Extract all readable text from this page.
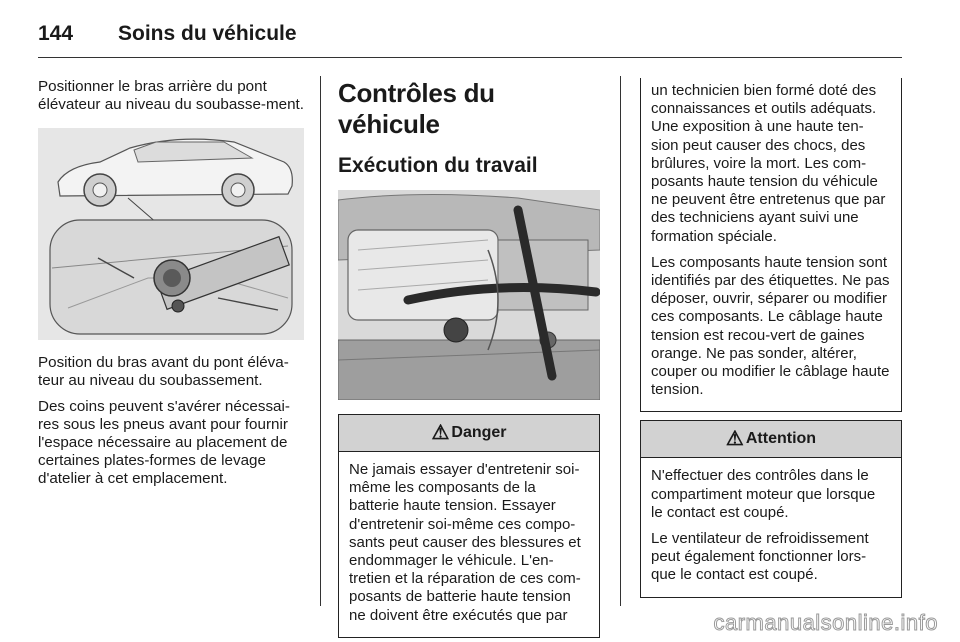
144 Soins du véhicule

Positionner le bras arrière du pont élévateur au niveau du soubasse-ment.

Position du bras avant du pont éléva-teur au niveau du soubassement.

Des coins peuvent s'avérer nécessai-res sous les pneus avant pour fournir l'espace nécessaire au placement de certaines plates-formes de levage d'atelier à cet emplacement.

Contrôles du véhicule
Exécution du travail
⚠ Danger

Ne jamais essayer d'entretenir soi-même les composants de la batterie haute tension. Essayer d'entretenir soi-même ces compo-sants peut causer des blessures et endommager le véhicule. L'en-tretien et la réparation de ces com-posants de batterie haute tension ne doivent être exécutés que par

un technicien bien formé doté des connaissances et outils adéquats. Une exposition à une haute ten-sion peut causer des chocs, des brûlures, voire la mort. Les com-posants haute tension du véhicule ne peuvent être entretenus que par des techniciens ayant suivi une formation spéciale.

Les composants haute tension sont identifiés par des étiquettes. Ne pas déposer, ouvrir, séparer ou modifier ces composants. Le câblage haute tension est recou-vert de gaines orange. Ne pas sonder, altérer, couper ou modifier le câblage haute tension.

⚠ Attention

N'effectuer des contrôles dans le compartiment moteur que lorsque le contact est coupé.

Le ventilateur de refroidissement peut également fonctionner lors-que le contact est coupé.

carmanualsonline.info
